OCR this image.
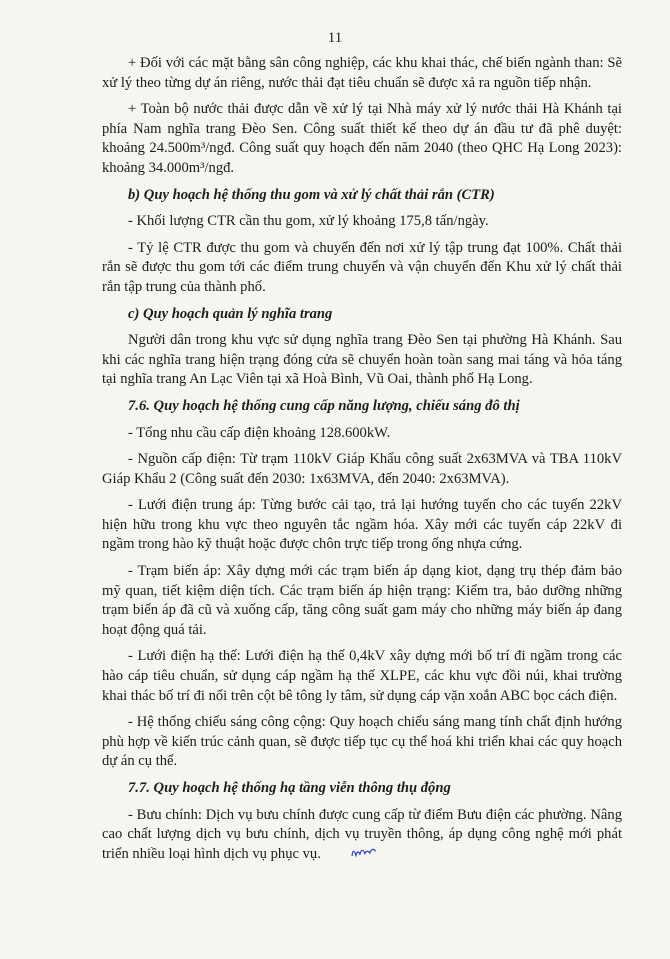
11

+ Đối với các mặt bằng sân công nghiệp, các khu khai thác, chế biến ngành than: Sẽ xử lý theo từng dự án riêng, nước thải đạt tiêu chuẩn sẽ được xả ra nguồn tiếp nhận.

+ Toàn bộ nước thải được dẫn về xử lý tại Nhà máy xử lý nước thải Hà Khánh tại phía Nam nghĩa trang Đèo Sen. Công suất thiết kế theo dự án đầu tư đã phê duyệt: khoảng 24.500m³/ngđ. Công suất quy hoạch đến năm 2040 (theo QHC Hạ Long 2023): khoảng 34.000m³/ngđ.

b) Quy hoạch hệ thống thu gom và xử lý chất thải rắn (CTR)

- Khối lượng CTR cần thu gom, xử lý khoảng 175,8 tấn/ngày.

- Tỷ lệ CTR được thu gom và chuyển đến nơi xử lý tập trung đạt 100%. Chất thải rắn sẽ được thu gom tới các điểm trung chuyển và vận chuyển đến Khu xử lý chất thải rắn tập trung của thành phố.

c) Quy hoạch quản lý nghĩa trang

Người dân trong khu vực sử dụng nghĩa trang Đèo Sen tại phường Hà Khánh. Sau khi các nghĩa trang hiện trạng đóng cửa sẽ chuyển hoàn toàn sang mai táng và hỏa táng tại nghĩa trang An Lạc Viên tại xã Hoà Bình, Vũ Oai, thành phố Hạ Long.

7.6. Quy hoạch hệ thống cung cấp năng lượng, chiếu sáng đô thị

- Tổng nhu cầu cấp điện khoảng 128.600kW.

- Nguồn cấp điện: Từ trạm 110kV Giáp Khẩu công suất 2x63MVA và TBA 110kV Giáp Khẩu 2 (Công suất đến 2030: 1x63MVA, đến 2040: 2x63MVA).

- Lưới điện trung áp: Từng bước cải tạo, trả lại hướng tuyến cho các tuyến 22kV hiện hữu trong khu vực theo nguyên tắc ngầm hóa. Xây mới các tuyến cáp 22kV đi ngầm trong hào kỹ thuật hoặc được chôn trực tiếp trong ống nhựa cứng.

- Trạm biến áp: Xây dựng mới các trạm biến áp dạng kiot, dạng trụ thép đảm bảo mỹ quan, tiết kiệm diện tích. Các trạm biến áp hiện trạng: Kiểm tra, bảo dưỡng những trạm biến áp đã cũ và xuống cấp, tăng công suất gam máy cho những máy biến áp đang hoạt động quá tải.

- Lưới điện hạ thế: Lưới điện hạ thế 0,4kV xây dựng mới bố trí đi ngầm trong các hào cáp tiêu chuẩn, sử dụng cáp ngầm hạ thế XLPE, các khu vực đồi núi, khai trường khai thác bố trí đi nổi trên cột bê tông ly tâm, sử dụng cáp vặn xoắn ABC bọc cách điện.

- Hệ thống chiếu sáng công cộng: Quy hoạch chiếu sáng mang tính chất định hướng phù hợp về kiến trúc cảnh quan, sẽ được tiếp tục cụ thể hoá khi triển khai các quy hoạch dự án cụ thể.

7.7. Quy hoạch hệ thống hạ tầng viễn thông thụ động

- Bưu chính: Dịch vụ bưu chính được cung cấp từ điểm Bưu điện các phường. Nâng cao chất lượng dịch vụ bưu chính, dịch vụ truyền thông, áp dụng công nghệ mới phát triển nhiều loại hình dịch vụ phục vụ.
